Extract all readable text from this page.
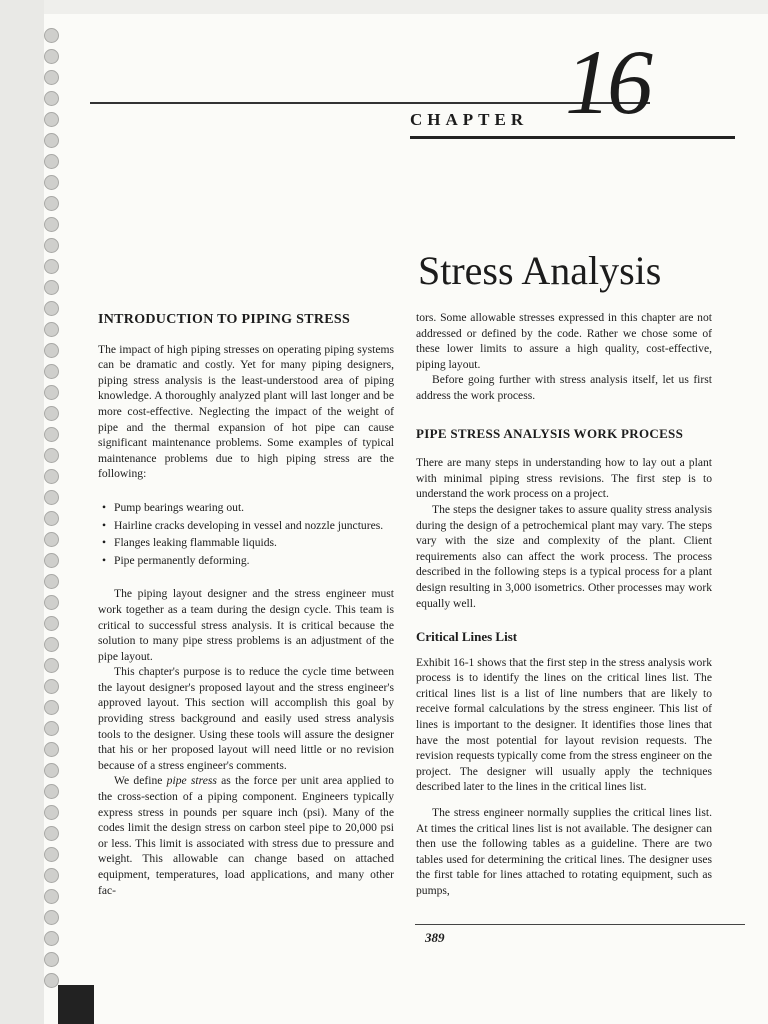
CHAPTER 16
Stress Analysis

INTRODUCTION TO PIPING STRESS

The impact of high piping stresses on operating piping systems can be dramatic and costly. Yet for many piping designers, piping stress analysis is the least-understood area of piping knowledge. A thoroughly analyzed plant will last longer and be more cost-effective. Neglecting the impact of the weight of pipe and the thermal expansion of hot pipe can cause significant maintenance problems. Some examples of typical maintenance problems due to high piping stress are the following:

• Pump bearings wearing out.
• Hairline cracks developing in vessel and nozzle junctures.
• Flanges leaking flammable liquids.
• Pipe permanently deforming.

The piping layout designer and the stress engineer must work together as a team during the design cycle. This team is critical to successful stress analysis. It is critical because the solution to many pipe stress problems is an adjustment of the pipe layout.

This chapter's purpose is to reduce the cycle time between the layout designer's proposed layout and the stress engineer's approved layout. This section will accomplish this goal by providing stress background and easily used stress analysis tools to the designer. Using these tools will assure the designer that his or her proposed layout will need little or no revision because of a stress engineer's comments.

We define pipe stress as the force per unit area applied to the cross-section of a piping component. Engineers typically express stress in pounds per square inch (psi). Many of the codes limit the design stress on carbon steel pipe to 20,000 psi or less. This limit is associated with stress due to pressure and weight. This allowable can change based on attached equipment, temperatures, load applications, and many other fac-

tors. Some allowable stresses expressed in this chapter are not addressed or defined by the code. Rather we chose some of these lower limits to assure a high quality, cost-effective, piping layout.

Before going further with stress analysis itself, let us first address the work process.

PIPE STRESS ANALYSIS WORK PROCESS

There are many steps in understanding how to lay out a plant with minimal piping stress revisions. The first step is to understand the work process on a project.

The steps the designer takes to assure quality stress analysis during the design of a petrochemical plant may vary. The steps vary with the size and complexity of the plant. Client requirements also can affect the work process. The process described in the following steps is a typical process for a plant design resulting in 3,000 isometrics. Other processes may work equally well.

Critical Lines List

Exhibit 16-1 shows that the first step in the stress analysis work process is to identify the lines on the critical lines list. The critical lines list is a list of line numbers that are likely to receive formal calculations by the stress engineer. This list of lines is important to the designer. It identifies those lines that have the most potential for layout revision requests. The revision requests typically come from the stress engineer on the project. The designer will usually apply the techniques described later to the lines in the critical lines list.

The stress engineer normally supplies the critical lines list. At times the critical lines list is not available. The designer can then use the following tables as a guideline. There are two tables used for determining the critical lines. The designer uses the first table for lines attached to rotating equipment, such as pumps,

389
